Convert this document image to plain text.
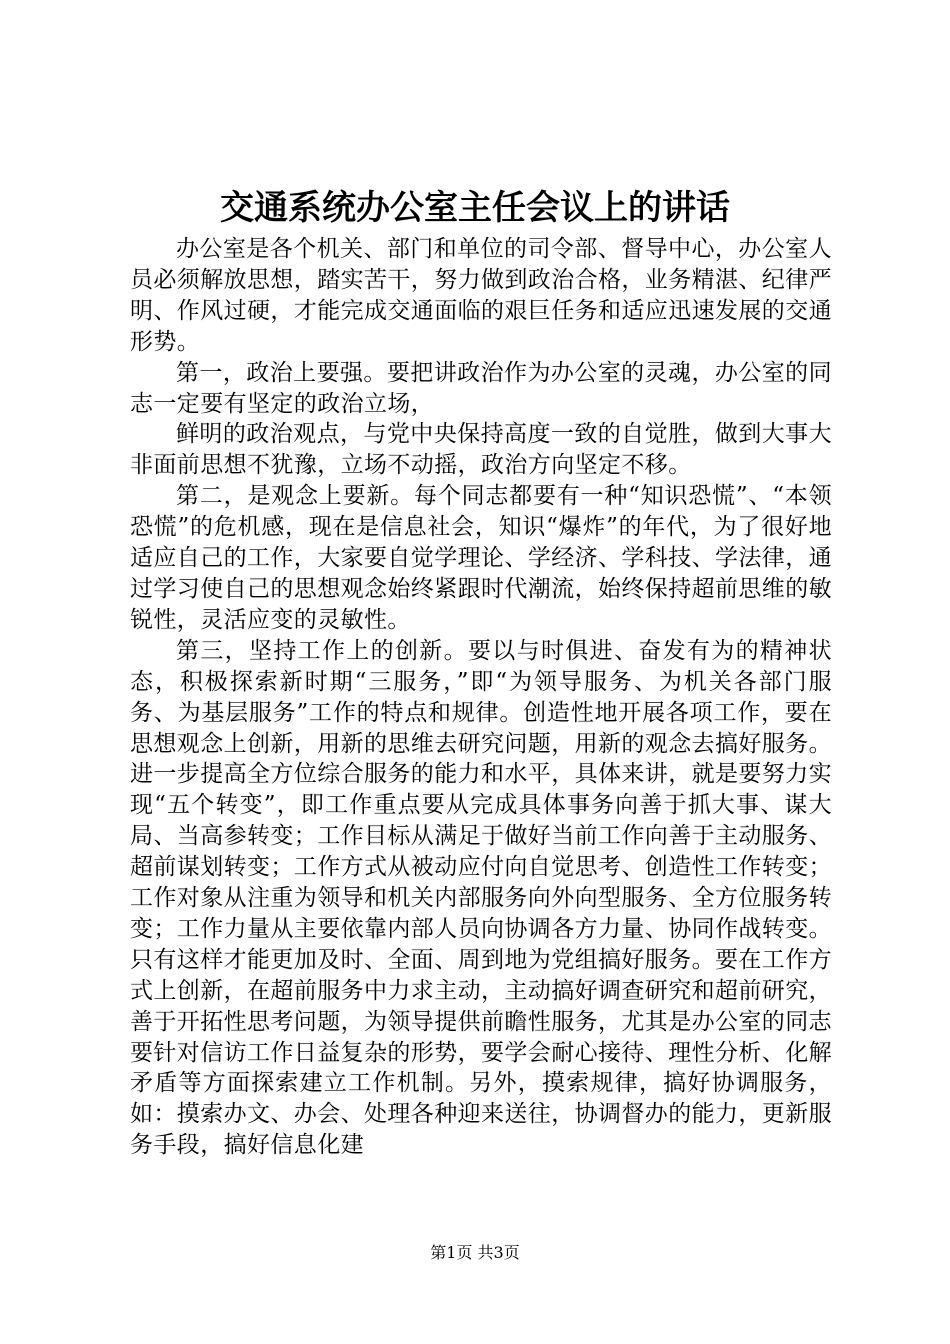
交通系统办公室主任会议上的讲话

办公室是各个机关、部门和单位的司令部、督导中心，办公室人员必须解放思想，踏实苦干，努力做到政治合格，业务精湛、纪律严明、作风过硬，才能完成交通面临的艰巨任务和适应迅速发展的交通形势。

第一，政治上要强。要把讲政治作为办公室的灵魂，办公室的同志一定要有坚定的政治立场，

鲜明的政治观点，与党中央保持高度一致的自觉胜，做到大事大非面前思想不犹豫，立场不动摇，政治方向坚定不移。

第二，是观念上要新。每个同志都要有一种“知识恐慌”、“本领恐慌”的危机感，现在是信息社会，知识“爆炸”的年代，为了很好地适应自己的工作，大家要自觉学理论、学经济、学科技、学法律，通过学习使自己的思想观念始终紧跟时代潮流，始终保持超前思维的敏锐性，灵活应变的灵敏性。

第三，坚持工作上的创新。要以与时俱进、奋发有为的精神状态，积极探索新时期“三服务，”即“为领导服务、为机关各部门服务、为基层服务”工作的特点和规律。创造性地开展各项工作，要在思想观念上创新，用新的思维去研究问题，用新的观念去搞好服务。进一步提高全方位综合服务的能力和水平，具体来讲，就是要努力实现“五个转变”，即工作重点要从完成具体事务向善于抓大事、谋大局、当高参转变；工作目标从满足于做好当前工作向善于主动服务、超前谋划转变；工作方式从被动应付向自觉思考、创造性工作转变；工作对象从注重为领导和机关内部服务向外向型服务、全方位服务转变；工作力量从主要依靠内部人员向协调各方力量、协同作战转变。只有这样才能更加及时、全面、周到地为党组搞好服务。要在工作方式上创新，在超前服务中力求主动，主动搞好调查研究和超前研究，善于开拓性思考问题，为领导提供前瞻性服务，尤其是办公室的同志要针对信访工作日益复杂的形势，要学会耐心接待、理性分析、化解矛盾等方面探索建立工作机制。另外，摸索规律，搞好协调服务，如：摸索办文、办会、处理各种迎来送往，协调督办的能力，更新服务手段，搞好信息化建

第1页 共3页
